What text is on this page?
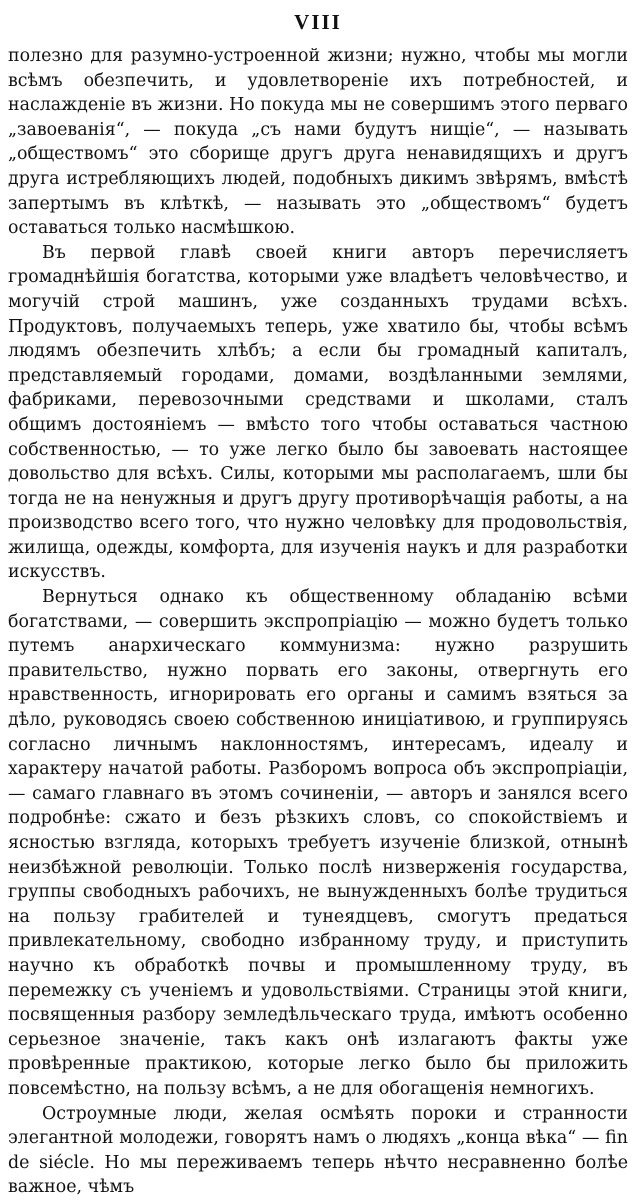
VIII

полезно для разумно-устроенной жизни; нужно, чтобы мы могли всѣмъ обезпечить, и удовлетвореніе ихъ потребностей, и наслажденіе въ жизни. Но покуда мы не совершимъ этого перваго „завоеванія“, — покуда „съ нами будутъ нищіе“, — называть „обществомъ“ это сборище другъ друга ненавидящихъ и другъ друга истребляющихъ людей, подобныхъ дикимъ звѣрямъ, вмѣстѣ запертымъ въ клѣткѣ, — называть это „обществомъ“ будетъ оставаться только насмѣшкою.

Въ первой главѣ своей книги авторъ перечисляетъ громаднѣйшія богатства, которыми уже владѣетъ человѣчество, и могучій строй машинъ, уже созданныхъ трудами всѣхъ. Продуктовъ, получаемыхъ теперь, уже хватило бы, чтобы всѣмъ людямъ обезпечить хлѣбъ; а если бы громадный капиталъ, представляемый городами, домами, воздѣланными землями, фабриками, перевозочными средствами и школами, сталъ общимъ достояніемъ — вмѣсто того чтобы оставаться частною собственностью, — то уже легко было бы завоевать настоящее довольство для всѣхъ. Силы, которыми мы располагаемъ, шли бы тогда не на ненужныя и другъ другу противорѣчащія работы, а на производство всего того, что нужно человѣку для продовольствія, жилища, одежды, комфорта, для изученія наукъ и для разработки искусствъ.

Вернуться однако къ общественному обладанію всѣми богатствами, — совершить экспропріацію — можно будетъ только путемъ анархическаго коммунизма: нужно разрушить правительство, нужно порвать его законы, отвергнуть его нравственность, игнорировать его органы и самимъ взяться за дѣло, руководясь своею собственною иниціативою, и группируясь согласно личнымъ наклонностямъ, интересамъ, идеалу и характеру начатой работы. Разборомъ вопроса объ экспропріаціи, — самаго главнаго въ этомъ сочиненіи, — авторъ и занялся всего подробнѣе: сжато и безъ рѣзкихъ словъ, со спокойствіемъ и ясностью взгляда, которыхъ требуетъ изученіе близкой, отнынѣ неизбѣжной революціи. Только послѣ низверженія государства, группы свободныхъ рабочихъ, не вынужденныхъ болѣе трудиться на пользу грабителей и тунеядцевъ, смогутъ предаться привлекательному, свободно избранному труду, и приступить научно къ обработкѣ почвы и промышленному труду, въ перемежку съ ученіемъ и удовольствіями. Страницы этой книги, посвященныя разбору земледѣльческаго труда, имѣютъ особенно серьезное значеніе, такъ какъ онѣ излагаютъ факты уже провѣренные практикою, которые легко было бы приложить повсемѣстно, на пользу всѣмъ, а не для обогащенія немногихъ.

Остроумные люди, желая осмѣять пороки и странности элегантной молодежи, говорятъ намъ о людяхъ „конца вѣка“ — fin de siécle. Но мы переживаемъ теперь нѣчто несравненно болѣе важное, чѣмъ
